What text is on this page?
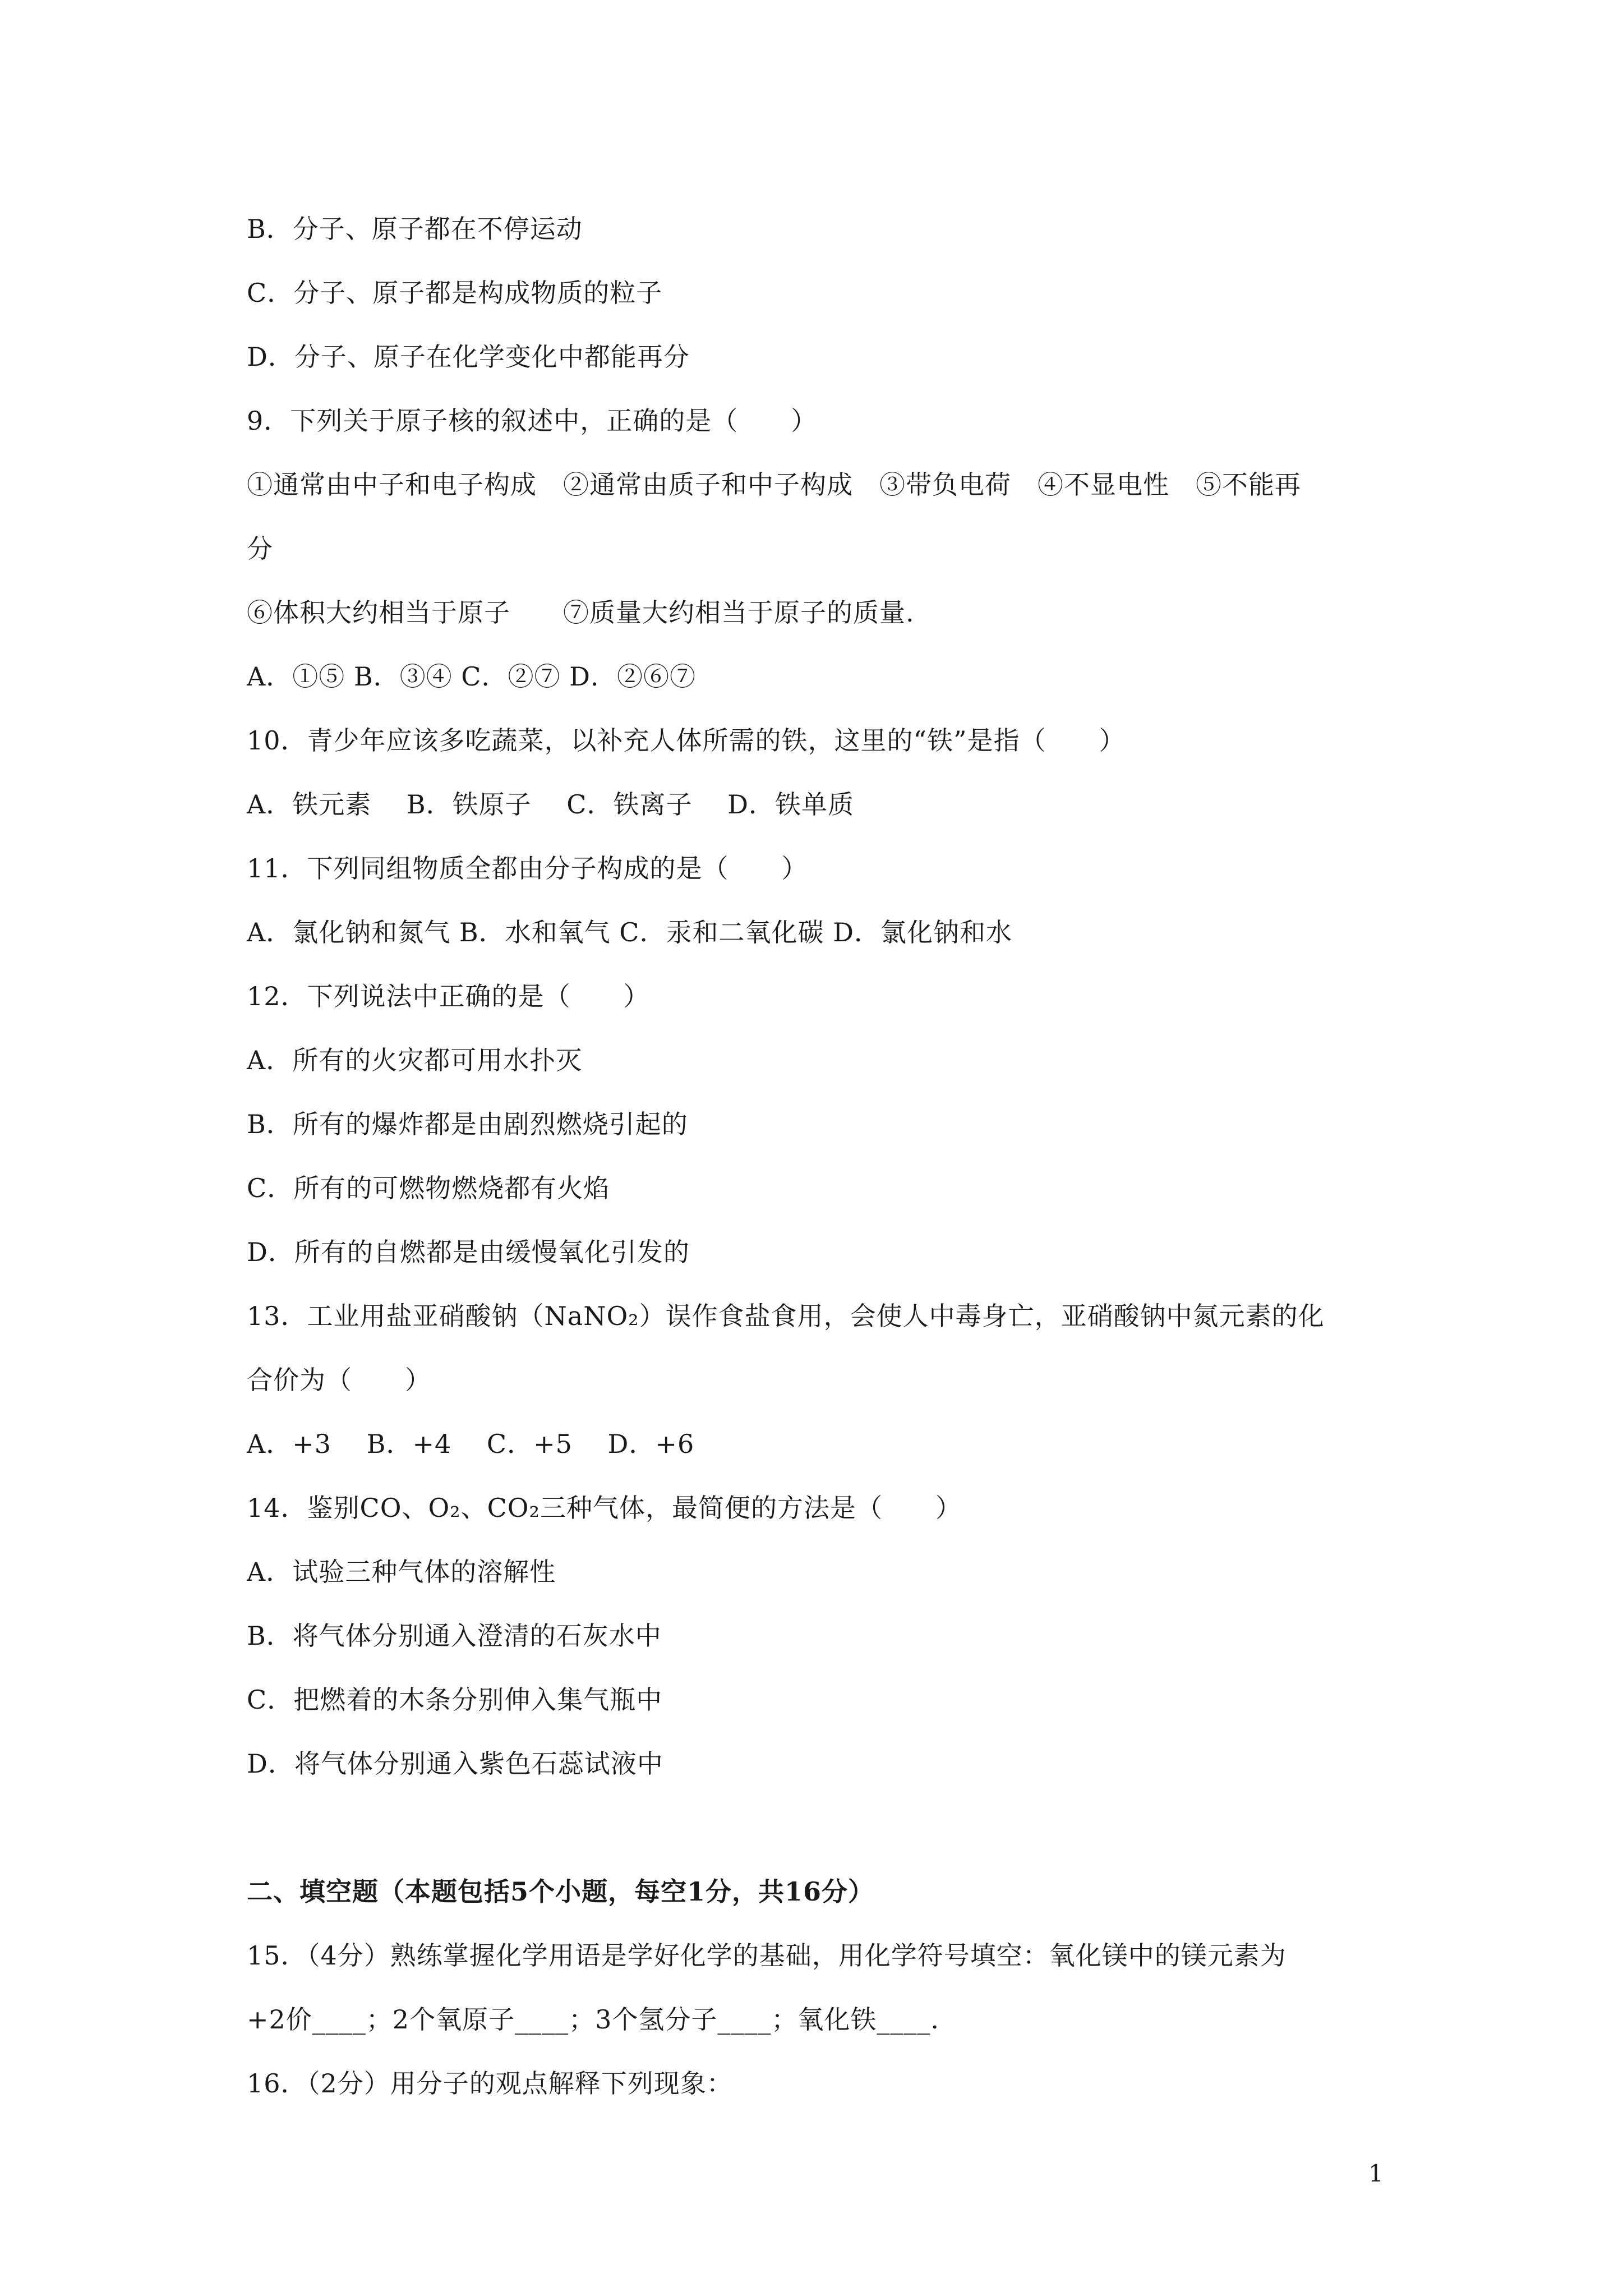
B．分子、原子都在不停运动
C．分子、原子都是构成物质的粒子
D．分子、原子在化学变化中都能再分
9．下列关于原子核的叙述中，正确的是（　　）
①通常由中子和电子构成　②通常由质子和中子构成　③带负电荷　④不显电性　⑤不能再
分
⑥体积大约相当于原子　　⑦质量大约相当于原子的质量.
A．①⑤ B．③④ C．②⑦ D．②⑥⑦
10．青少年应该多吃蔬菜，以补充人体所需的铁，这里的“铁”是指（　　）
A．铁元素　 B．铁原子　 C．铁离子　 D．铁单质
11．下列同组物质全都由分子构成的是（　　）
A．氯化钠和氮气 B．水和氧气 C．汞和二氧化碳 D．氯化钠和水
12．下列说法中正确的是（　　）
A．所有的火灾都可用水扑灭
B．所有的爆炸都是由剧烈燃烧引起的
C．所有的可燃物燃烧都有火焰
D．所有的自燃都是由缓慢氧化引发的
13．工业用盐亚硝酸钠（NaNO₂）误作食盐食用，会使人中毒身亡，亚硝酸钠中氮元素的化
合价为（　　）
A．+3　 B．+4　 C．+5　 D．+6
14．鉴别CO、O₂、CO₂三种气体，最简便的方法是（　　）
A．试验三种气体的溶解性
B．将气体分别通入澄清的石灰水中
C．把燃着的木条分别伸入集气瓶中
D．将气体分别通入紫色石蕊试液中
二、填空题（本题包括5个小题，每空1分，共16分）
15．（4分）熟练掌握化学用语是学好化学的基础，用化学符号填空：氧化镁中的镁元素为
+2价____；2个氧原子____；3个氢分子____；氧化铁____.
16．（2分）用分子的观点解释下列现象：
1
